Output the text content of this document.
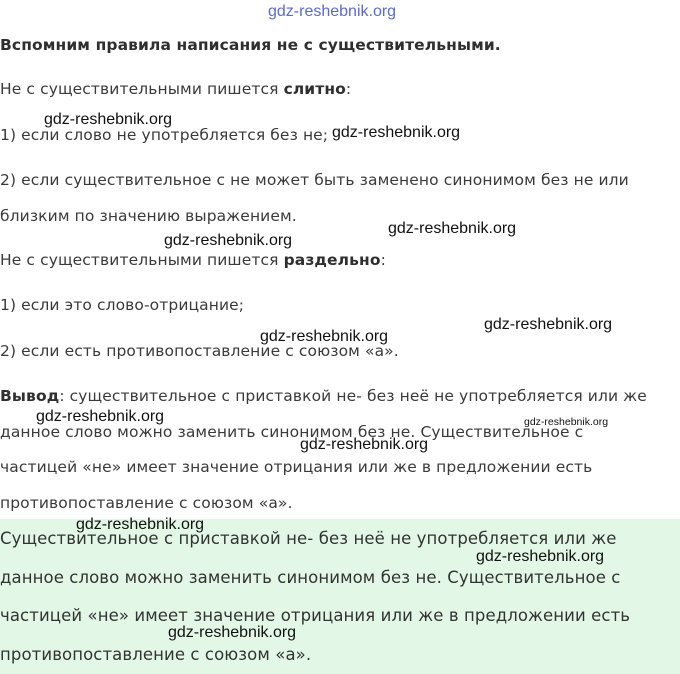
gdz-reshebnik.org
gdz-reshebnik.org
gdz-reshebnik.org
gdz-reshebnik.org
gdz-reshebnik.org
gdz-reshebnik.org
gdz-reshebnik.org
gdz-reshebnik.org	gdz-reshebnik.org
gdz-reshebnik.org
gdz-reshebnik.org
gdz-reshebnik.org
gdz-reshebnik.org
Вспомним правила написания не с существительными.
Не с существительными пишется слитно:
1) если слово не употребляется без не;
2) если существительное с не может быть заменено синонимом без не или
близким по значению выражением.
Не с существительными пишется раздельно:
1) если это слово-отрицание;
2) если есть противопоставление с союзом «а».
Вывод: существительное с приставкой не- без неё не употребляется или же
данное слово можно заменить синонимом без не. Существительное с
частицей «не» имеет значение отрицания или же в предложении есть
противопоставление с союзом «а».
Существительное с приставкой не- без неё не употребляется или же
данное слово можно заменить синонимом без не. Существительное с
частицей «не» имеет значение отрицания или же в предложении есть
противопоставление с союзом «а».
